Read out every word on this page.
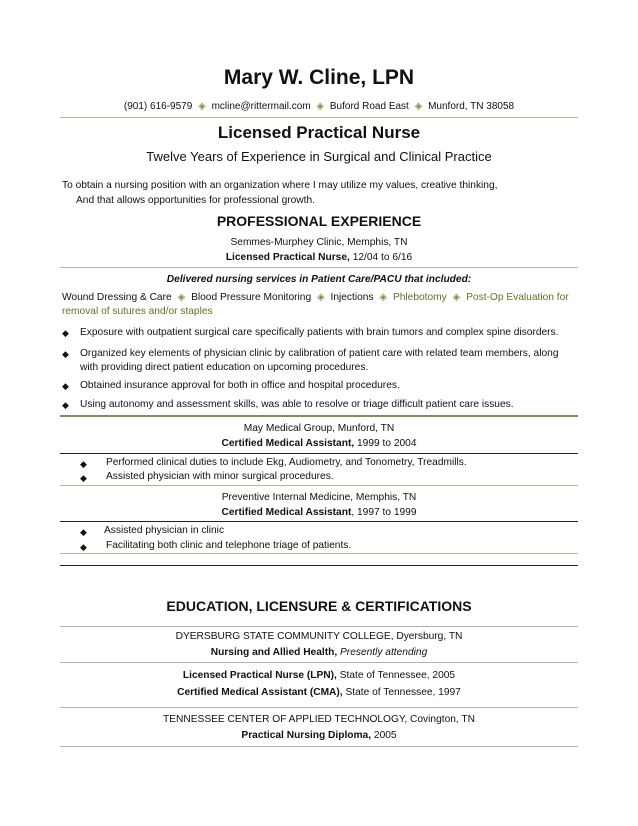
Mary W. Cline, LPN
(901) 616-9579 ◈ mcline@rittermail.com ◈ Buford Road East ◈ Munford, TN 38058
Licensed Practical Nurse
Twelve Years of Experience in Surgical and Clinical Practice
To obtain a nursing position with an organization where I may utilize my values, creative thinking,
And that allows opportunities for professional growth.
PROFESSIONAL EXPERIENCE
Semmes-Murphey Clinic, Memphis, TN
Licensed Practical Nurse, 12/04 to 6/16
Delivered nursing services in Patient Care/PACU that included:
Wound Dressing & Care ◈ Blood Pressure Monitoring ◈ Injections ◈ Phlebotomy ◈ Post-Op Evaluation for
removal of sutures and/or staples
◆ Exposure with outpatient surgical care specifically patients with brain tumors and complex spine disorders.
◆ Organized key elements of physician clinic by calibration of patient care with related team members, along
with providing direct patient education on upcoming procedures.
◆ Obtained insurance approval for both in office and hospital procedures.
◆ Using autonomy and assessment skills, was able to resolve or triage difficult patient care issues.
May Medical Group, Munford, TN
Certified Medical Assistant, 1999 to 2004
◆ Performed clinical duties to include Ekg, Audiometry, and Tonometry, Treadmills.
◆ Assisted physician with minor surgical procedures.
Preventive Internal Medicine, Memphis, TN
Certified Medical Assistant, 1997 to 1999
◆ Assisted physician in clinic
◆ Facilitating both clinic and telephone triage of patients.
EDUCATION, LICENSURE & CERTIFICATIONS
DYERSBURG STATE COMMUNITY COLLEGE, Dyersburg, TN
Nursing and Allied Health, Presently attending
Licensed Practical Nurse (LPN), State of Tennessee, 2005
Certified Medical Assistant (CMA), State of Tennessee, 1997
TENNESSEE CENTER OF APPLIED TECHNOLOGY, Covington, TN
Practical Nursing Diploma, 2005
